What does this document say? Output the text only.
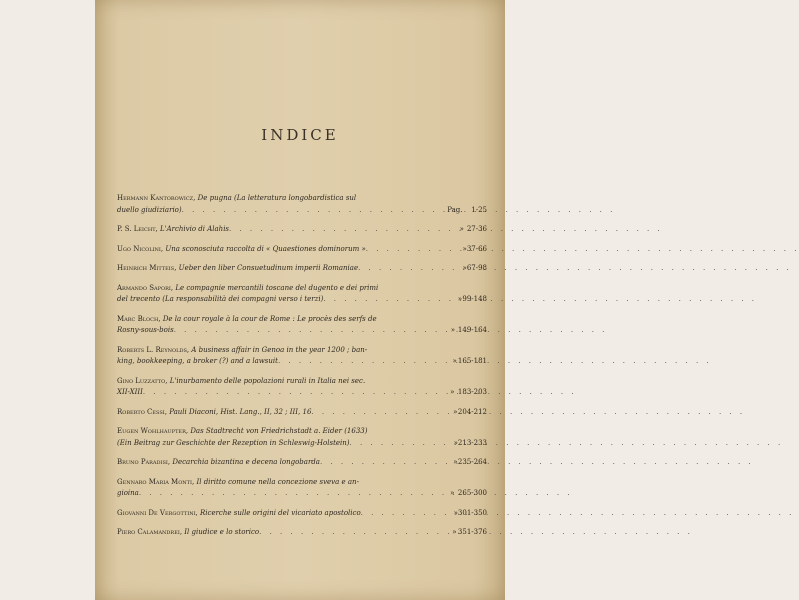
INDICE
Hermann Kantorowicz,
De pugna (La letteratura longobardistica sul
duello giudiziario) . . .	Pag.	1-25
P. S. Leicht,
L'Archivio di Alahis . . .	» 27-36
Ugo Nicolini,
Una sconosciuta raccolta di « Quaestiones dominorum » . . .	» 37-66
Heinrich Mitteis,
Ueber den liber Consuetudinum imperii Romaniae . . .	» 67-98
Armando Sapori,
Le compagnie mercantili toscane del dugento e dei primi
del trecento (La responsabilità dei compagni verso i terzi) . . .	» 99-148
Marc Bloch,
De la cour royale à la cour de Rome : Le procès des serfs de
Rosny-sous-bois . . .	» 149-164
Roberts L. Reynolds,
A business affair in Genoa in the year 1200 ; ban-
king, bookkeeping, a broker (?) and a lawsuit . . .	» 165-181
Gino Luzzatto,
L'inurbamento delle popolazioni rurali in Italia nei sec.
XII-XIII . . .	» 183-203
Roberto Cessi,
Pauli Diaconi, Hist. Lang., II, 32 ; III, 16 . . .	» 204-212
Eugen Wohlhaupter,
Das Stadtrecht von Friedrichstadt a. Eider (1633)
(Ein Beitrag zur Geschichte der Rezeption in Schleswig-Holstein) . . .	» 213-233
Bruno Paradisi,
Decarchia bizantina e decena longobarda . . .	» 235-264
Gennaro Maria Monti,
Il diritto comune nella concezione sveva e an-
gioina . . .	» 265-300
Giovanni De Vergottini,
Ricerche sulle origini del vicariato apostolico . . .	» 301-350
Piero Calamandrei,
Il giudice e lo storico . . .	» 351-376
